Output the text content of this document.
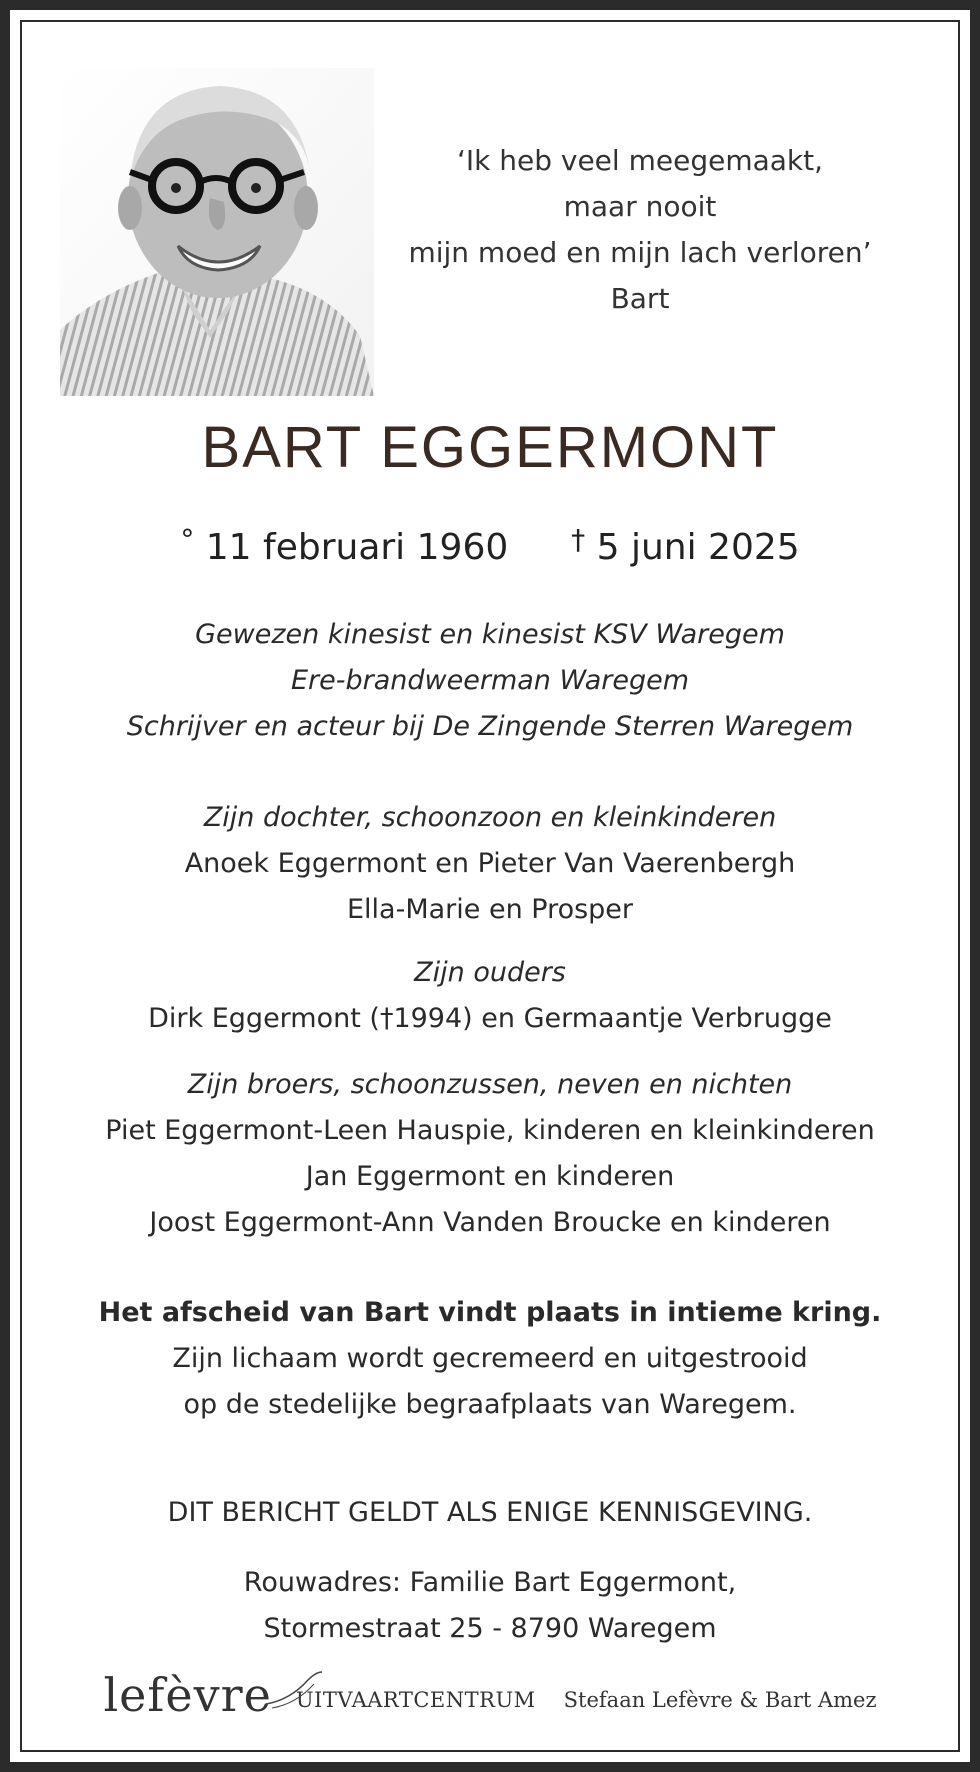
‘Ik heb veel meegemaakt,
maar nooit
mijn moed en mijn lach verloren’
Bart
BART EGGERMONT
° 11 februari 1960 † 5 juni 2025
Gewezen kinesist en kinesist KSV Waregem
Ere-brandweerman Waregem
Schrijver en acteur bij De Zingende Sterren Waregem
Zijn dochter, schoonzoon en kleinkinderen
Anoek Eggermont en Pieter Van Vaerenbergh
Ella-Marie en Prosper
Zijn ouders
Dirk Eggermont (†1994) en Germaantje Verbrugge
Zijn broers, schoonzussen, neven en nichten
Piet Eggermont-Leen Hauspie, kinderen en kleinkinderen
Jan Eggermont en kinderen
Joost Eggermont-Ann Vanden Broucke en kinderen
Het afscheid van Bart vindt plaats in intieme kring.
Zijn lichaam wordt gecremeerd en uitgestrooid
op de stedelijke begraafplaats van Waregem.
DIT BERICHT GELDT ALS ENIGE KENNISGEVING.
Rouwadres: Familie Bart Eggermont,
Stormestraat 25 - 8790 Waregem
lefèvre UITVAARTCENTRUM Stefaan Lefèvre & Bart Amez
